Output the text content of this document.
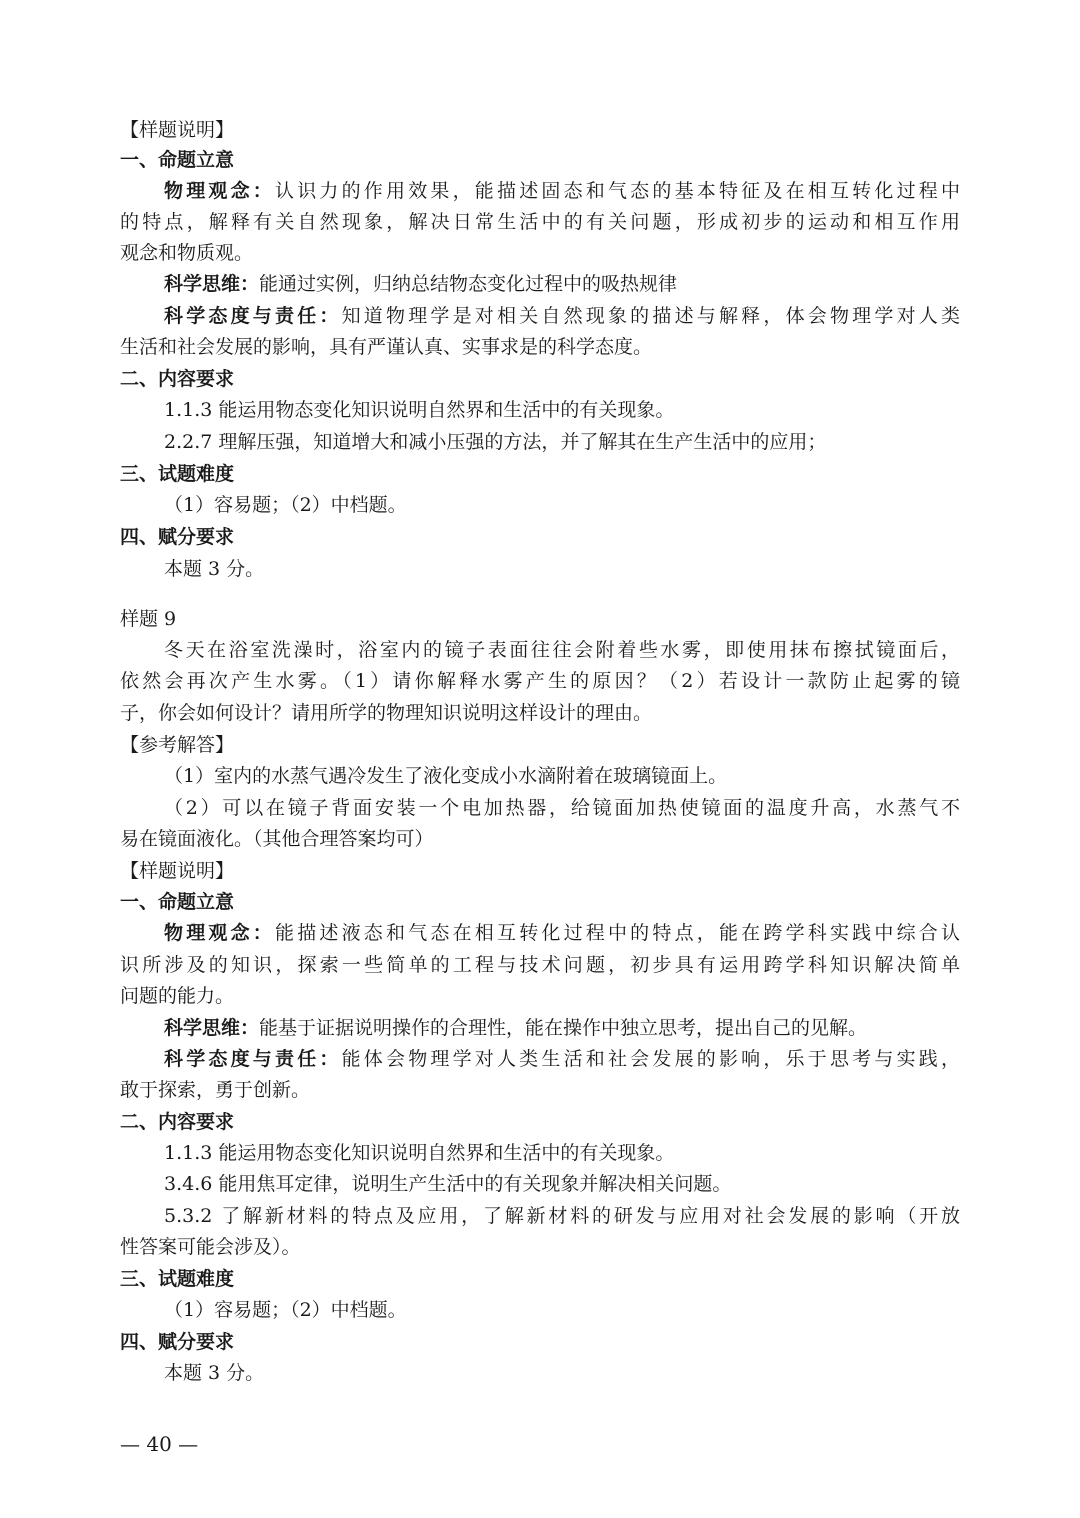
【样题说明】
一、命题立意
物理观念：认识力的作用效果，能描述固态和气态的基本特征及在相互转化过程中
的特点，解释有关自然现象，解决日常生活中的有关问题，形成初步的运动和相互作用
观念和物质观。
科学思维：能通过实例，归纳总结物态变化过程中的吸热规律
科学态度与责任：知道物理学是对相关自然现象的描述与解释，体会物理学对人类
生活和社会发展的影响，具有严谨认真、实事求是的科学态度。
二、内容要求
1.1.3 能运用物态变化知识说明自然界和生活中的有关现象。
2.2.7 理解压强，知道增大和减小压强的方法，并了解其在生产生活中的应用；
三、试题难度
（1）容易题；（2）中档题。
四、赋分要求
本题 3 分。
样题 9
冬天在浴室洗澡时，浴室内的镜子表面往往会附着些水雾，即使用抹布擦拭镜面后，
依然会再次产生水雾。（1）请你解释水雾产生的原因？（2）若设计一款防止起雾的镜
子，你会如何设计？请用所学的物理知识说明这样设计的理由。
【参考解答】
（1）室内的水蒸气遇冷发生了液化变成小水滴附着在玻璃镜面上。
（2）可以在镜子背面安装一个电加热器，给镜面加热使镜面的温度升高，水蒸气不
易在镜面液化。（其他合理答案均可）
【样题说明】
一、命题立意
物理观念：能描述液态和气态在相互转化过程中的特点，能在跨学科实践中综合认
识所涉及的知识，探索一些简单的工程与技术问题，初步具有运用跨学科知识解决简单
问题的能力。
科学思维：能基于证据说明操作的合理性，能在操作中独立思考，提出自己的见解。
科学态度与责任：能体会物理学对人类生活和社会发展的影响，乐于思考与实践，
敢于探索，勇于创新。
二、内容要求
1.1.3 能运用物态变化知识说明自然界和生活中的有关现象。
3.4.6 能用焦耳定律，说明生产生活中的有关现象并解决相关问题。
5.3.2 了解新材料的特点及应用，了解新材料的研发与应用对社会发展的影响（开放
性答案可能会涉及）。
三、试题难度
（1）容易题；（2）中档题。
四、赋分要求
本题 3 分。
— 40 —
